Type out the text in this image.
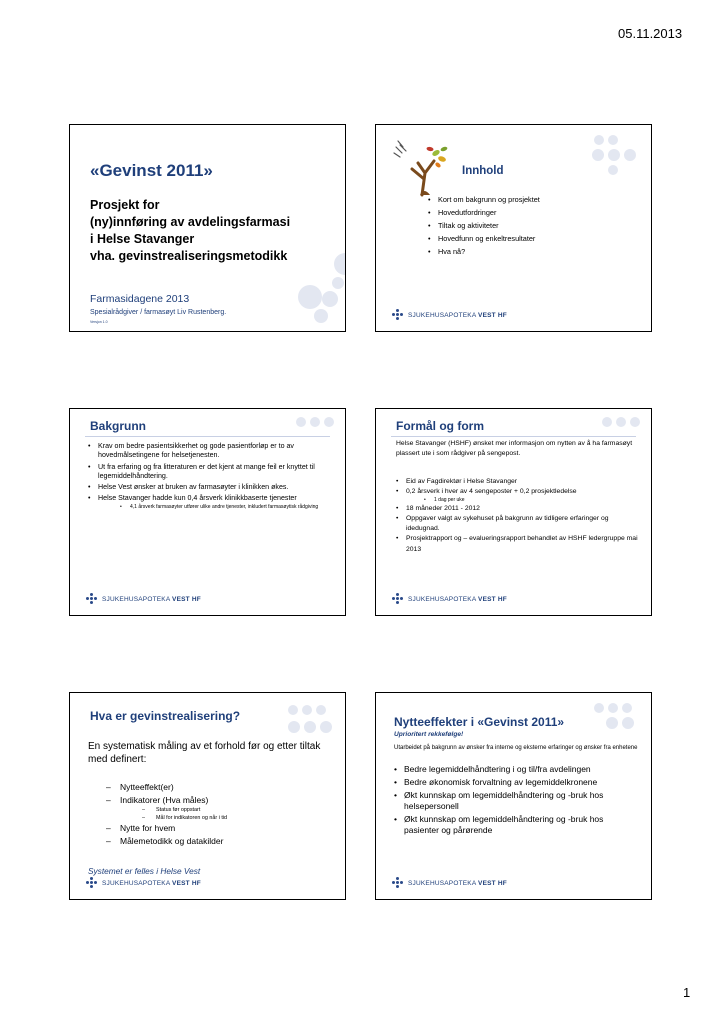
05.11.2013
«Gevinst 2011»
Prosjekt for
(ny)innføring av avdelingsfarmasi
i Helse Stavanger
vha. gevinstrealiseringsmetodikk
Farmasidagene 2013
Spesialrådgiver / farmasøyt Liv Rustenberg.
Versjon 1.0
Innhold
• Kort om bakgrunn og prosjektet
• Hovedutfordringer
• Tiltak og aktiviteter
• Hovedfunn og enkeltresultater
• Hva nå?
SJUKEHUSAPOTEKA VEST HF
Bakgrunn
• Krav om bedre pasientsikkerhet og gode pasientforløp er to av hovedmålsetingene for helsetjenesten.
• Ut fra erfaring og fra litteraturen er det kjent at mange feil er knyttet til legemiddelhåndtering.
• Helse Vest ønsker at bruken av farmasøyter i klinikken økes.
• Helse Stavanger hadde kun 0,4 årsverk klinikkbaserte tjenester
• 4,1 årsverk farmasøyter utfører ulike andre tjenester, inkludert farmasøytisk rådgiving
SJUKEHUSAPOTEKA VEST HF
Formål og form
Helse Stavanger (HSHF) ønsket mer informasjon om nytten av å ha farmasøyt plassert ute i som rådgiver på sengepost.
• Eid av Fagdirektør i Helse Stavanger
• 0,2 årsverk i hver av 4 sengeposter + 0,2 prosjektledelse
• 1 dag per uke
• 18 måneder 2011 - 2012
• Oppgaver valgt av sykehuset på bakgrunn av tidligere erfaringer og idedugnad.
• Prosjektrapport og – evalueringsrapport behandlet av HSHF ledergruppe mai 2013
SJUKEHUSAPOTEKA VEST HF
Hva er gevinstrealisering?
En systematisk måling av et forhold før og etter tiltak med definert:
– Nytteeffekt(er)
– Indikatorer (Hva måles)
– Status før oppstart
– Mål for indikatoren og når i tid
– Nytte for hvem
– Målemetodikk og datakilder
Systemet er felles i Helse Vest
SJUKEHUSAPOTEKA VEST HF
Nytteeffekter i «Gevinst 2011»
Uprioritert rekkefølge!
Utarbeidet på bakgrunn av ønsker fra interne og eksterne erfaringer og ønsker fra enhetene
• Bedre legemiddelhåndtering i og til/fra avdelingen
• Bedre økonomisk forvaltning av legemiddelkronene
• Økt kunnskap om legemiddelhåndtering og -bruk hos helsepersonell
• Økt kunnskap om legemiddelhåndtering og -bruk hos pasienter og pårørende
SJUKEHUSAPOTEKA VEST HF
1
